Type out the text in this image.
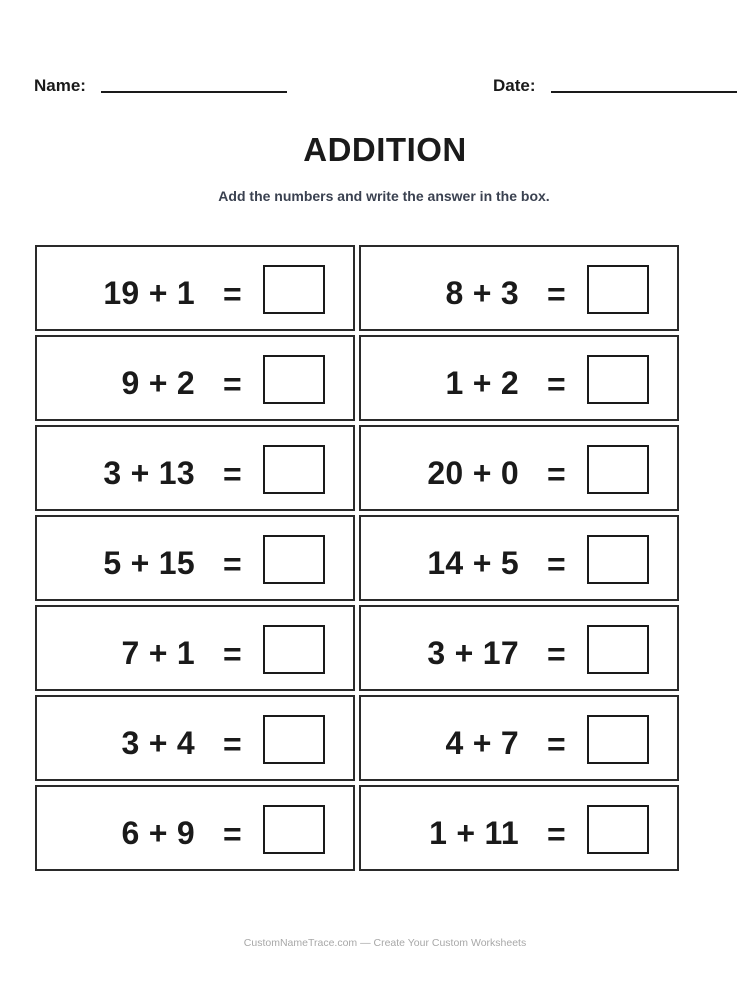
Name:	Date:
ADDITION
Add the numbers and write the answer in the box.
19 + 1 =	8 + 3 =
9 + 2 =	1 + 2 =
3 + 13 =	20 + 0 =
5 + 15 =	14 + 5 =
7 + 1 =	3 + 17 =
3 + 4 =	4 + 7 =
6 + 9 =	1 + 11 =
CustomNameTrace.com — Create Your Custom Worksheets
